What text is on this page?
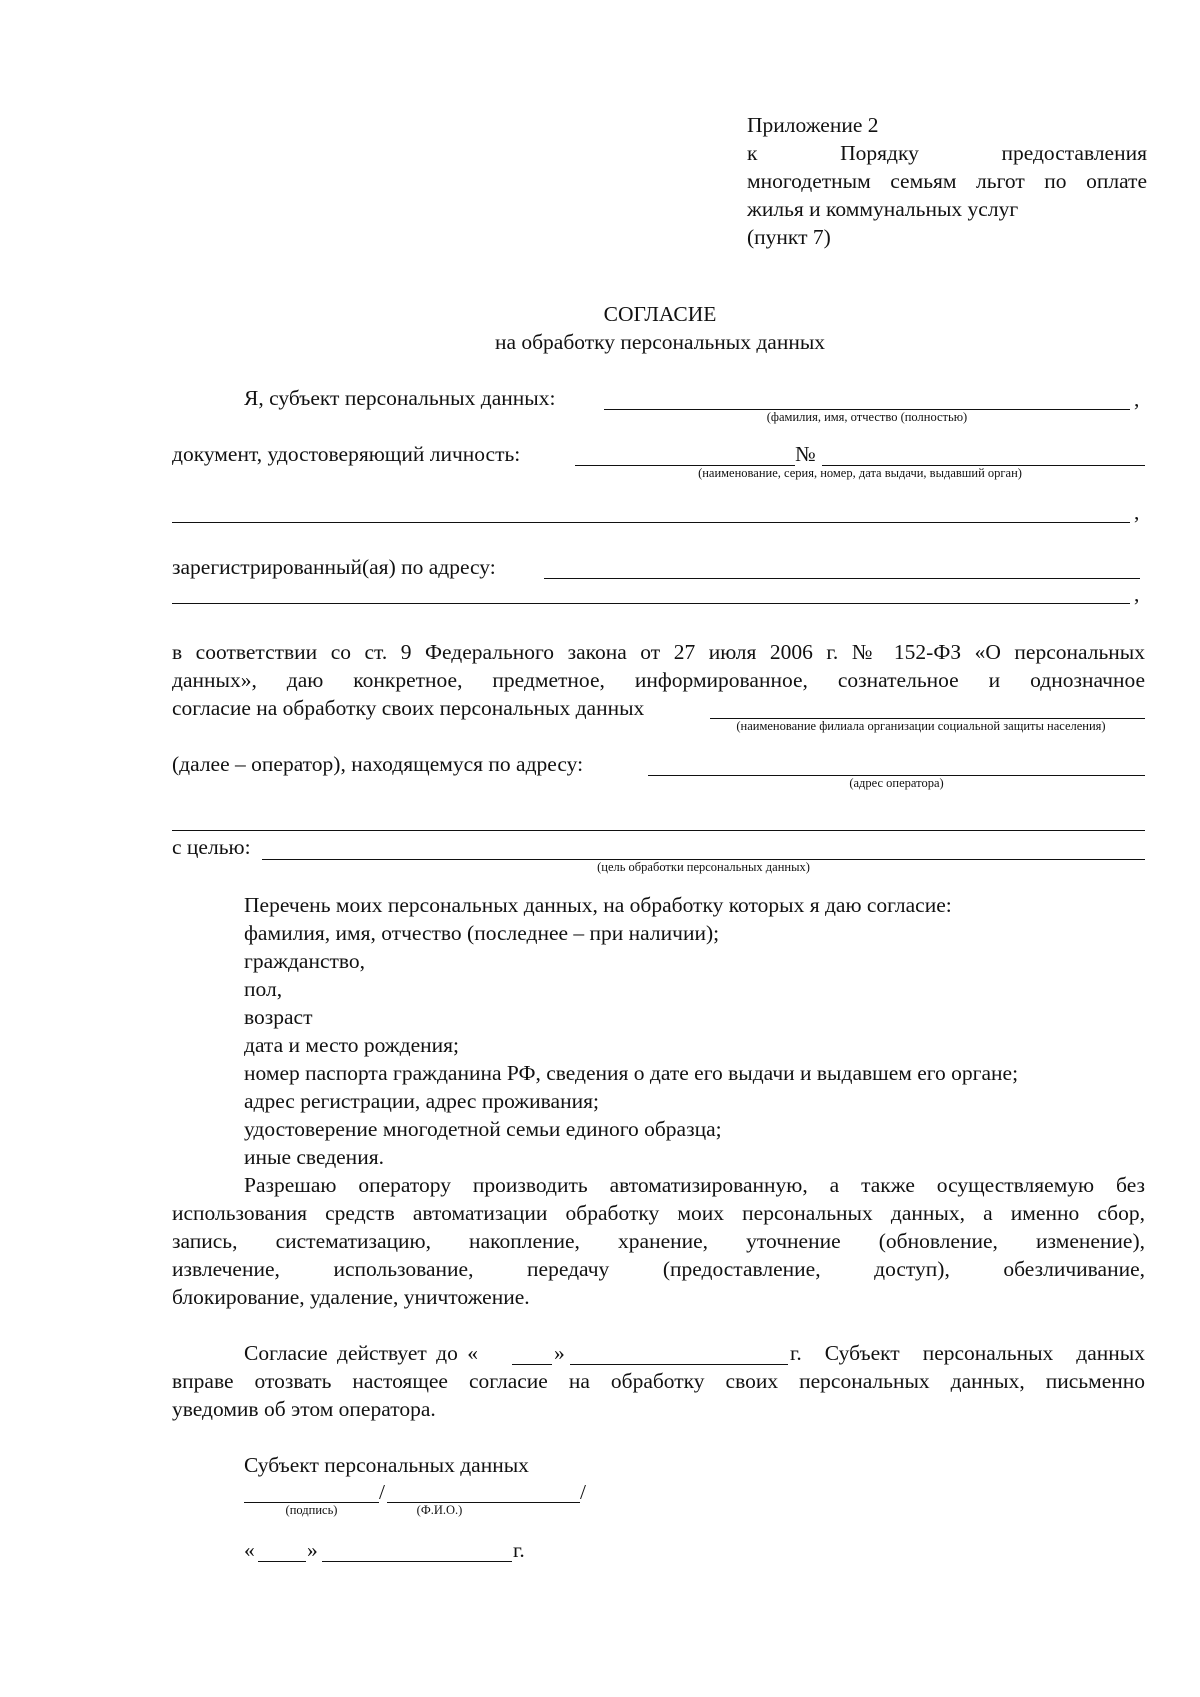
Приложение 2
к Порядку предоставления
многодетным семьям льгот по оплате
жилья и коммунальных услуг
(пункт 7)
СОГЛАСИЕ
на обработку персональных данных
Я, субъект персональных данных:	,
(фамилия, имя, отчество (полностью)
документ, удостоверяющий личность:	№
(наименование, серия, номер, дата выдачи, выдавший орган)
,
зарегистрированный(ая) по адресу:
,
в соответствии со ст. 9 Федерального закона от 27 июля 2006 г. № 152-ФЗ «О персональных
данных», даю конкретное, предметное, информированное, сознательное и однозначное
согласие на обработку своих персональных данных
(наименование филиала организации социальной защиты населения)
(далее – оператор), находящемуся по адресу:
(адрес оператора)
с целью:
(цель обработки персональных данных)
Перечень моих персональных данных, на обработку которых я даю согласие:
фамилия, имя, отчество (последнее – при наличии);
гражданство,
пол,
возраст
дата и место рождения;
номер паспорта гражданина РФ, сведения о дате его выдачи и выдавшем его органе;
адрес регистрации, адрес проживания;
удостоверение многодетной семьи единого образца;
иные сведения.
Разрешаю оператору производить автоматизированную, а также осуществляемую без
использования средств автоматизации обработку моих персональных данных, а именно сбор,
запись, систематизацию, накопление, хранение, уточнение (обновление, изменение),
извлечение, использование, передачу (предоставление, доступ), обезличивание,
блокирование, удаление, уничтожение.
Согласие действует до «	»	г. Субъект персональных данных
вправе отозвать настоящее согласие на обработку своих персональных данных, письменно
уведомив об этом оператора.
Субъект персональных данных
/	/
(подпись)	(Ф.И.О.)
« »	г.
